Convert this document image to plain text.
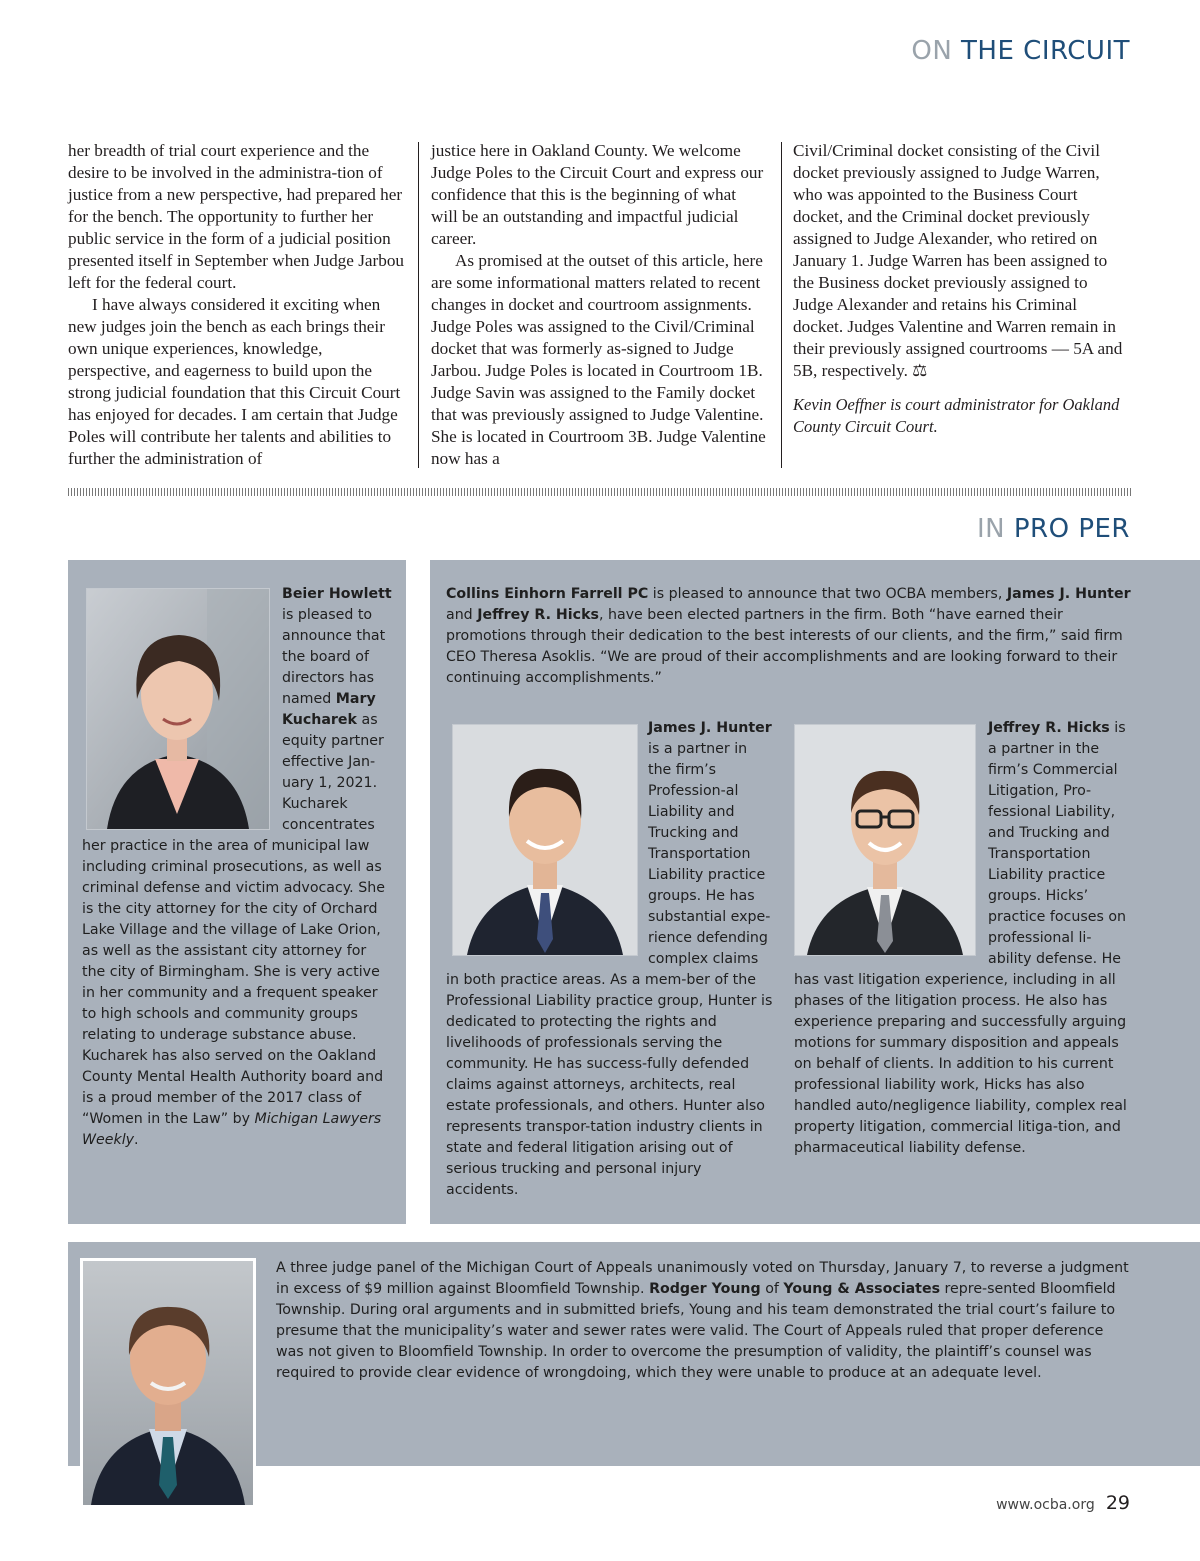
ON THE CIRCUIT

her breadth of trial court experience and the desire to be involved in the administra-tion of justice from a new perspective, had prepared her for the bench. The opportunity to further her public service in the form of a judicial position presented itself in September when Judge Jarbou left for the federal court.

I have always considered it exciting when new judges join the bench as each brings their own unique experiences, knowledge, perspective, and eagerness to build upon the strong judicial foundation that this Circuit Court has enjoyed for decades. I am certain that Judge Poles will contribute her talents and abilities to further the administration of

justice here in Oakland County. We welcome Judge Poles to the Circuit Court and express our confidence that this is the beginning of what will be an outstanding and impactful judicial career.

As promised at the outset of this article, here are some informational matters related to recent changes in docket and courtroom assignments. Judge Poles was assigned to the Civil/Criminal docket that was formerly as-signed to Judge Jarbou. Judge Poles is located in Courtroom 1B. Judge Savin was assigned to the Family docket that was previously assigned to Judge Valentine. She is located in Courtroom 3B. Judge Valentine now has a

Civil/Criminal docket consisting of the Civil docket previously assigned to Judge Warren, who was appointed to the Business Court docket, and the Criminal docket previously assigned to Judge Alexander, who retired on January 1. Judge Warren has been assigned to the Business docket previously assigned to Judge Alexander and retains his Criminal docket. Judges Valentine and Warren remain in their previously assigned courtrooms — 5A and 5B, respectively. ⚖

Kevin Oeffner is court administrator for Oakland County Circuit Court.

IN PRO PER

Beier Howlett is pleased to announce that the board of directors has named Mary Kucharek as equity partner effective Jan-uary 1, 2021. Kucharek concentrates her practice in the area of municipal law including criminal prosecutions, as well as criminal defense and victim advocacy. She is the city attorney for the city of Orchard Lake Village and the village of Lake Orion, as well as the assistant city attorney for the city of Birmingham. She is very active in her community and a frequent speaker to high schools and community groups relating to underage substance abuse. Kucharek has also served on the Oakland County Mental Health Authority board and is a proud member of the 2017 class of “Women in the Law” by Michigan Lawyers Weekly.

Collins Einhorn Farrell PC is pleased to announce that two OCBA members, James J. Hunter and Jeffrey R. Hicks, have been elected partners in the firm. Both “have earned their promotions through their dedication to the best interests of our clients, and the firm,” said firm CEO Theresa Asoklis. “We are proud of their accomplishments and are looking forward to their continuing accomplishments.”

James J. Hunter is a partner in the firm’s Profession-al Liability and Trucking and Transportation Liability practice groups. He has substantial expe-rience defending complex claims in both practice areas. As a mem-ber of the Professional Liability practice group, Hunter is dedicated to protecting the rights and livelihoods of professionals serving the community. He has success-fully defended claims against attorneys, architects, real estate professionals, and others. Hunter also represents transpor-tation industry clients in state and federal litigation arising out of serious trucking and personal injury accidents.

Jeffrey R. Hicks is a partner in the firm’s Commercial Litigation, Pro-fessional Liability, and Trucking and Transportation Liability practice groups. Hicks’ practice focuses on professional li-ability defense. He has vast litigation experience, including in all phases of the litigation process. He also has experience preparing and successfully arguing motions for summary disposition and appeals on behalf of clients. In addition to his current professional liability work, Hicks has also handled auto/negligence liability, complex real property litigation, commercial litiga-tion, and pharmaceutical liability defense.

A three judge panel of the Michigan Court of Appeals unanimously voted on Thursday, January 7, to reverse a judgment in excess of $9 million against Bloomfield Township. Rodger Young of Young & Associates repre-sented Bloomfield Township. During oral arguments and in submitted briefs, Young and his team demonstrated the trial court’s failure to presume that the municipality’s water and sewer rates were valid. The Court of Appeals ruled that proper deference was not given to Bloomfield Township. In order to overcome the presumption of validity, the plaintiff’s counsel was required to provide clear evidence of wrongdoing, which they were unable to produce at an adequate level.

www.ocba.org 29
